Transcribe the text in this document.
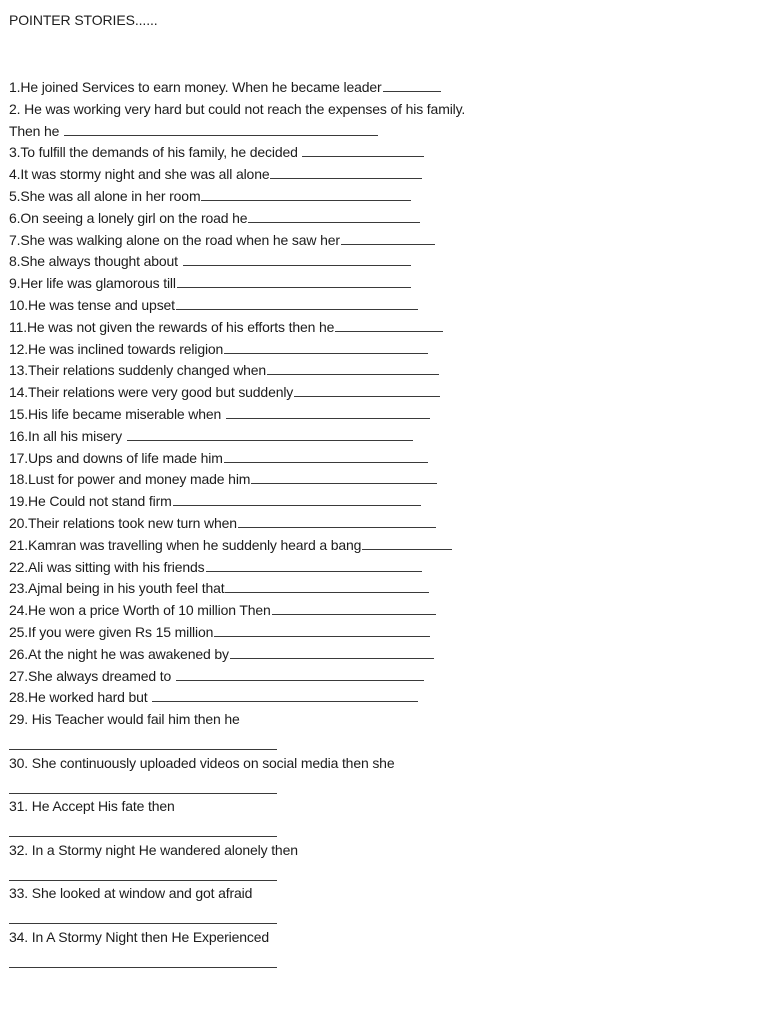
POINTER STORIES......
1.He joined Services to earn money. When he became leader
2. He was working very hard but could not reach the expenses of his family.
Then he
3.To fulfill the demands of his family, he decided
4.It was stormy night and she was all alone
5.She was all alone in her room
6.On seeing a lonely girl on the road he
7.She was walking alone on the road when he saw her
8.She always thought about
9.Her life was glamorous till
10.He was tense and upset
11.He was not given the rewards of his efforts then he
12.He was inclined towards religion
13.Their relations suddenly changed when
14.Their relations were very good but suddenly
15.His life became miserable when
16.In all his misery
17.Ups and downs of life made him
18.Lust for power and money made him
19.He Could not stand firm
20.Their relations took new turn when
21.Kamran was travelling when he suddenly heard a bang
22.Ali was sitting with his friends
23.Ajmal being in his youth feel that
24.He won a price Worth of 10 million Then
25.If you were given Rs 15 million
26.At the night he was awakened by
27.She always dreamed to
28.He worked hard but
29. His Teacher would fail him then he
30. She continuously uploaded videos on social media then she
31. He Accept His fate then
32. In a Stormy night He wandered alonely then
33. She looked at window and got afraid
34. In A Stormy Night then He Experienced
